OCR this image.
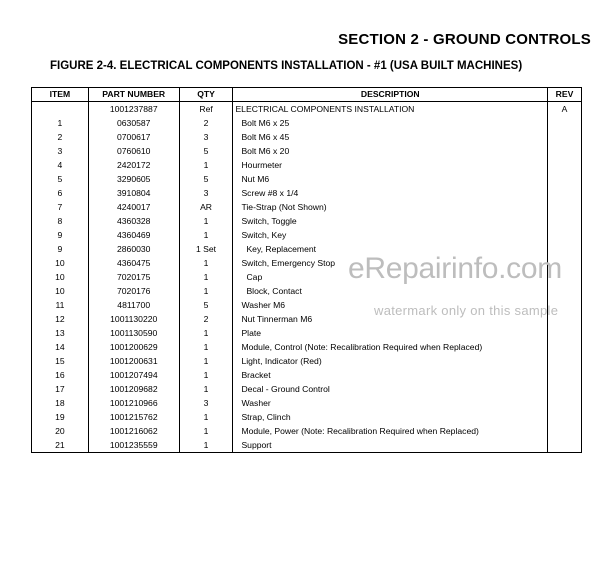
SECTION 2 - GROUND CONTROLS
FIGURE 2-4. ELECTRICAL COMPONENTS INSTALLATION - #1 (USA BUILT MACHINES)
ITEM	PART NUMBER	QTY	DESCRIPTION	REV
	1001237887	Ref	ELECTRICAL COMPONENTS INSTALLATION	A
1	0630587	2	Bolt M6 x 25	
2	0700617	3	Bolt M6 x 45	
3	0760610	5	Bolt M6 x 20	
4	2420172	1	Hourmeter	
5	3290605	5	Nut M6	
6	3910804	3	Screw #8 x 1/4	
7	4240017	AR	Tie-Strap (Not Shown)	
8	4360328	1	Switch, Toggle	
9	4360469	1	Switch, Key	
9	2860030	1 Set	Key, Replacement	
10	4360475	1	Switch, Emergency Stop	
10	7020175	1	Cap	
10	7020176	1	Block, Contact	
11	4811700	5	Washer M6	
12	1001130220	2	Nut Tinnerman M6	
13	1001130590	1	Plate	
14	1001200629	1	Module, Control (Note: Recalibration Required when Replaced)	
15	1001200631	1	Light, Indicator (Red)	
16	1001207494	1	Bracket	
17	1001209682	1	Decal - Ground Control	
18	1001210966	3	Washer	
19	1001215762	1	Strap, Clinch	
20	1001216062	1	Module, Power (Note: Recalibration Required when Replaced)	
21	1001235559	1	Support	
eRepairinfo.com
watermark only on this sample
